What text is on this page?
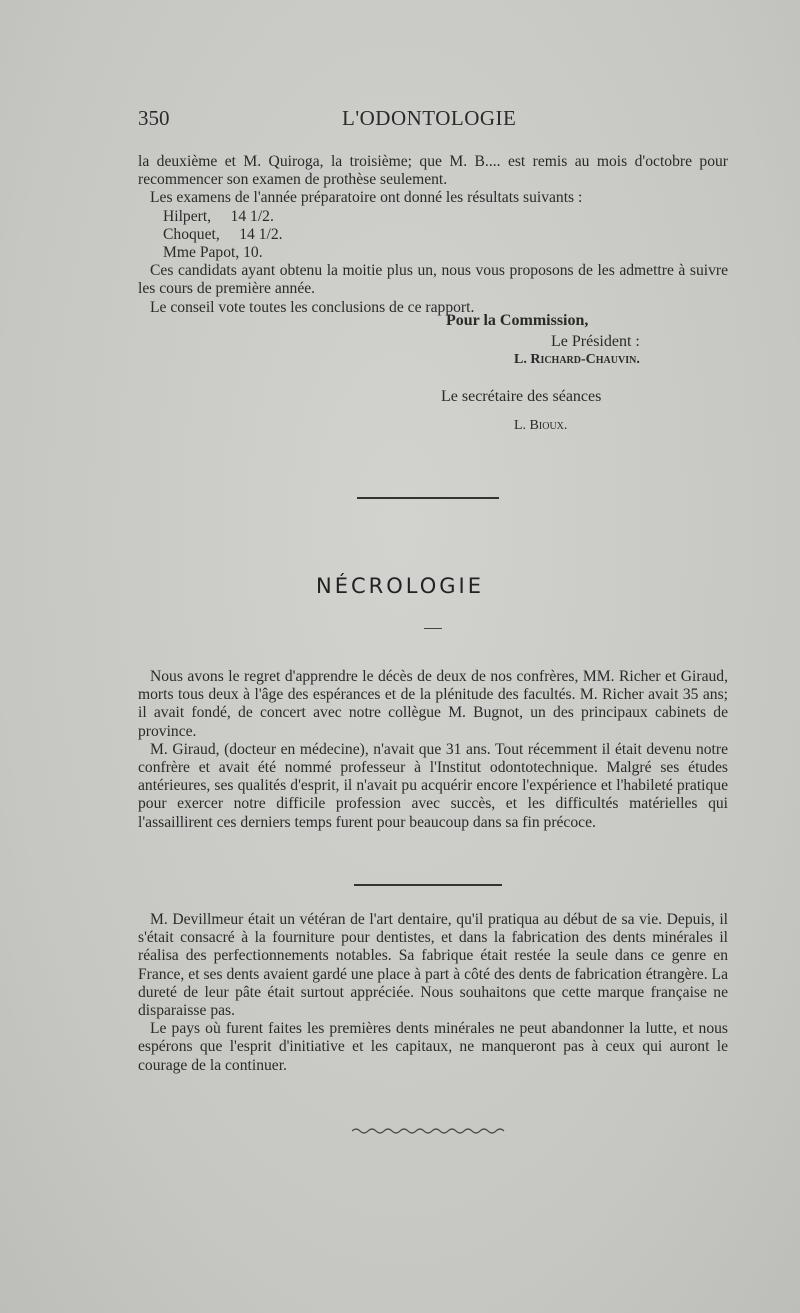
350	L'ODONTOLOGIE

la deuxième et M. Quiroga, la troisième; que M. B.... est remis au mois d'octobre pour recommencer son examen de prothèse seulement.

Les examens de l'année préparatoire ont donné les résultats suivants :

Hilpert,     14 1/2.
Choquet,     14 1/2.
Mme Papot, 10.

Ces candidats ayant obtenu la moitie plus un, nous vous proposons de les admettre à suivre les cours de première année.

Le conseil vote toutes les conclusions de ce rapport.

Pour la Commission,
Le Président :
L. Richard-Chauvin.
Le secrétaire des séances
L. Bioux.
NÉCROLOGIE

Nous avons le regret d'apprendre le décès de deux de nos confrères, MM. Richer et Giraud, morts tous deux à l'âge des espérances et de la plénitude des facultés. M. Richer avait 35 ans; il avait fondé, de concert avec notre collègue M. Bugnot, un des principaux cabinets de province.

M. Giraud, (docteur en médecine), n'avait que 31 ans. Tout récemment il était devenu notre confrère et avait été nommé professeur à l'Institut odontotechnique. Malgré ses études antérieures, ses qualités d'esprit, il n'avait pu acquérir encore l'expérience et l'habileté pratique pour exercer notre difficile profession avec succès, et les difficultés matérielles qui l'assaillirent ces derniers temps furent pour beaucoup dans sa fin précoce.

M. Devillmeur était un vétéran de l'art dentaire, qu'il pratiqua au début de sa vie. Depuis, il s'était consacré à la fourniture pour dentistes, et dans la fabrication des dents minérales il réalisa des perfectionnements notables. Sa fabrique était restée la seule dans ce genre en France, et ses dents avaient gardé une place à part à côté des dents de fabrication étrangère. La dureté de leur pâte était surtout appréciée. Nous souhaitons que cette marque française ne disparaisse pas.

Le pays où furent faites les premières dents minérales ne peut abandonner la lutte, et nous espérons que l'esprit d'initiative et les capitaux, ne manqueront pas à ceux qui auront le courage de la continuer.
